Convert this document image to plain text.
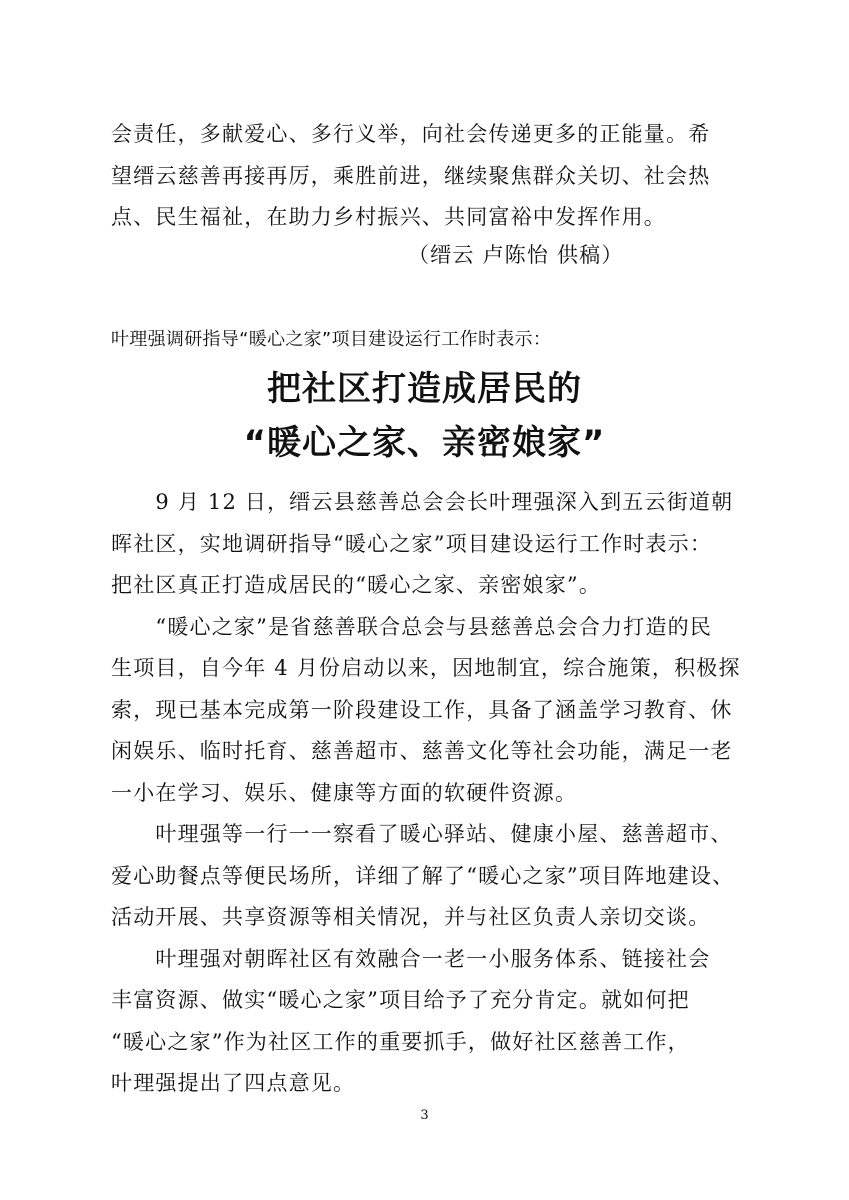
会责任，多献爱心、多行义举，向社会传递更多的正能量。希
望缙云慈善再接再厉，乘胜前进，继续聚焦群众关切、社会热
点、民生福祉，在助力乡村振兴、共同富裕中发挥作用。

（缙云 卢陈怡 供稿）

叶理强调研指导“暖心之家”项目建设运行工作时表示：

把社区打造成居民的
“暖心之家、亲密娘家”

　　9 月 12 日，缙云县慈善总会会长叶理强深入到五云街道朝
晖社区，实地调研指导“暖心之家”项目建设运行工作时表示：
把社区真正打造成居民的“暖心之家、亲密娘家”。

　　“暖心之家”是省慈善联合总会与县慈善总会合力打造的民
生项目，自今年 4 月份启动以来，因地制宜，综合施策，积极探
索，现已基本完成第一阶段建设工作，具备了涵盖学习教育、休
闲娱乐、临时托育、慈善超市、慈善文化等社会功能，满足一老
一小在学习、娱乐、健康等方面的软硬件资源。

　　叶理强等一行一一察看了暖心驿站、健康小屋、慈善超市、
爱心助餐点等便民场所，详细了解了“暖心之家”项目阵地建设、
活动开展、共享资源等相关情况，并与社区负责人亲切交谈。

　　叶理强对朝晖社区有效融合一老一小服务体系、链接社会
丰富资源、做实“暖心之家”项目给予了充分肯定。就如何把
“暖心之家”作为社区工作的重要抓手，做好社区慈善工作，
叶理强提出了四点意见。

3
